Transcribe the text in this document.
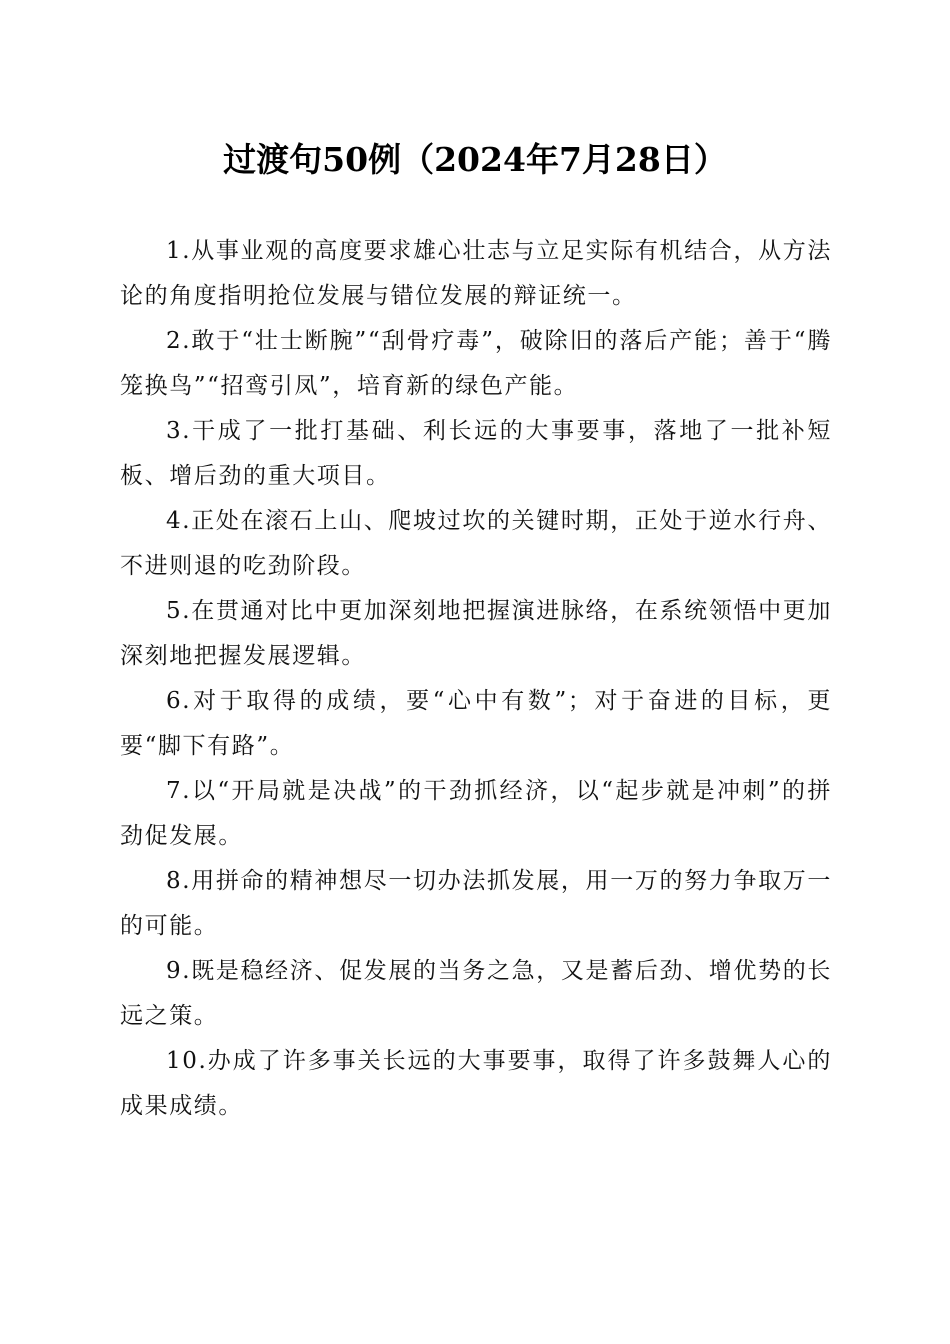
过渡句50例（2024年7月28日）

1.从事业观的高度要求雄心壮志与立足实际有机结合，从方法论的角度指明抢位发展与错位发展的辩证统一。

2.敢于“壮士断腕”“刮骨疗毒”，破除旧的落后产能；善于“腾笼换鸟”“招鸾引凤”，培育新的绿色产能。

3.干成了一批打基础、利长远的大事要事，落地了一批补短板、增后劲的重大项目。

4.正处在滚石上山、爬坡过坎的关键时期，正处于逆水行舟、不进则退的吃劲阶段。

5.在贯通对比中更加深刻地把握演进脉络，在系统领悟中更加深刻地把握发展逻辑。

6.对于取得的成绩，要“心中有数”；对于奋进的目标，更要“脚下有路”。

7.以“开局就是决战”的干劲抓经济，以“起步就是冲刺”的拼劲促发展。

8.用拼命的精神想尽一切办法抓发展，用一万的努力争取万一的可能。

9.既是稳经济、促发展的当务之急，又是蓄后劲、增优势的长远之策。

10.办成了许多事关长远的大事要事，取得了许多鼓舞人心的成果成绩。
